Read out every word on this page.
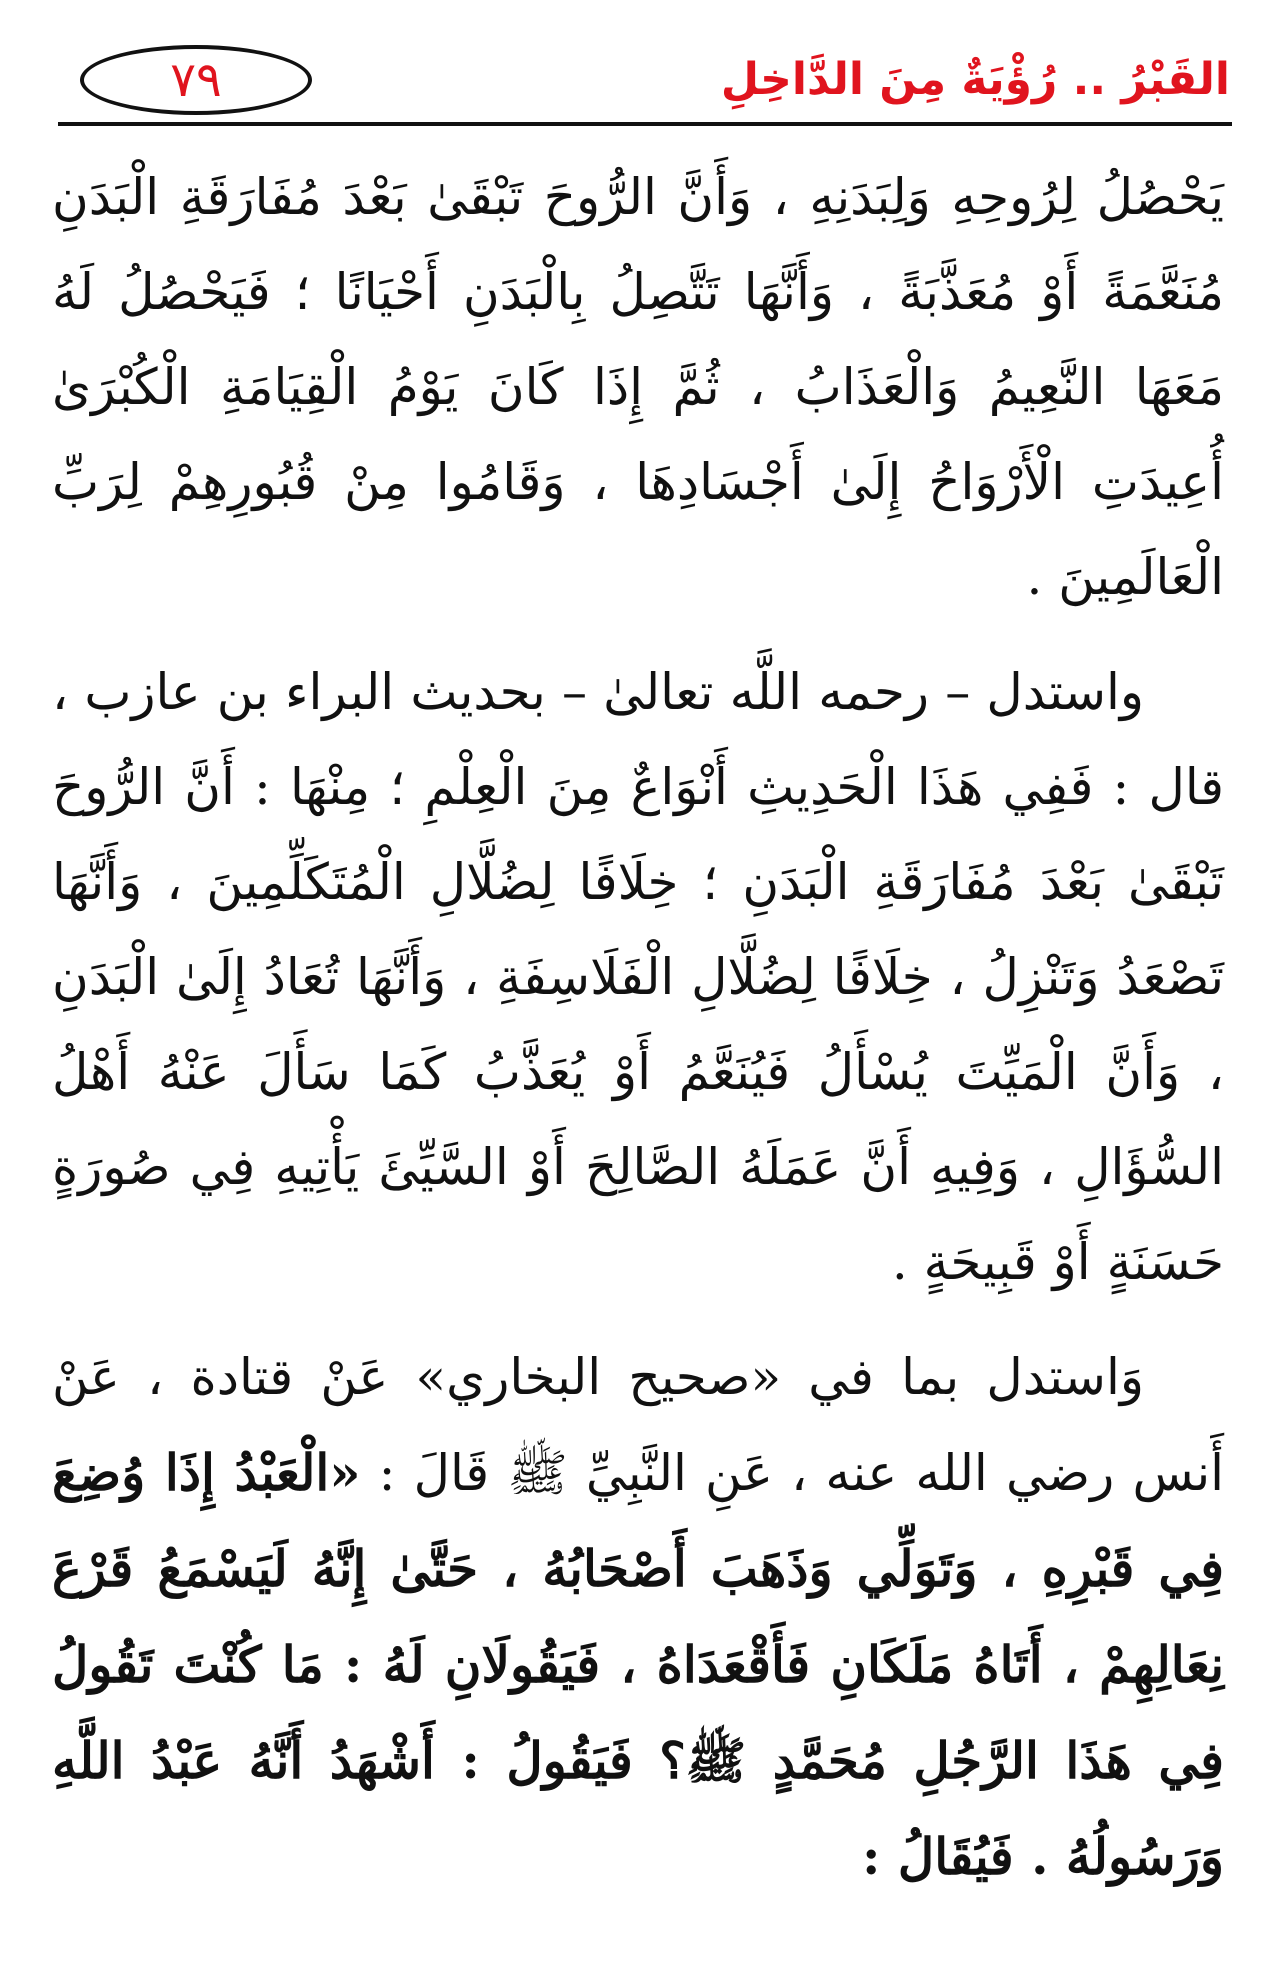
القَبْرُ .. رُؤْيَةٌ مِنَ الدَّاخِلِ
٧٩

يَحْصُلُ لِرُوحِهِ وَلِبَدَنِهِ ، وَأَنَّ الرُّوحَ تَبْقَىٰ بَعْدَ مُفَارَقَةِ الْبَدَنِ مُنَعَّمَةً أَوْ مُعَذَّبَةً ، وَأَنَّهَا تَتَّصِلُ بِالْبَدَنِ أَحْيَانًا ؛ فَيَحْصُلُ لَهُ مَعَهَا النَّعِيمُ وَالْعَذَابُ ، ثُمَّ إِذَا كَانَ يَوْمُ الْقِيَامَةِ الْكُبْرَىٰ أُعِيدَتِ الْأَرْوَاحُ إِلَىٰ أَجْسَادِهَا ، وَقَامُوا مِنْ قُبُورِهِمْ لِرَبِّ الْعَالَمِينَ .

واستدل – رحمه اللَّه تعالىٰ – بحديث البراء بن عازب ، قال : فَفِي هَذَا الْحَدِيثِ أَنْوَاعٌ مِنَ الْعِلْمِ ؛ مِنْهَا : أَنَّ الرُّوحَ تَبْقَىٰ بَعْدَ مُفَارَقَةِ الْبَدَنِ ؛ خِلَافًا لِضُلَّالِ الْمُتَكَلِّمِينَ ، وَأَنَّهَا تَصْعَدُ وَتَنْزِلُ ، خِلَافًا لِضُلَّالِ الْفَلَاسِفَةِ ، وَأَنَّهَا تُعَادُ إِلَىٰ الْبَدَنِ ، وَأَنَّ الْمَيِّتَ يُسْأَلُ فَيُنَعَّمُ أَوْ يُعَذَّبُ كَمَا سَأَلَ عَنْهُ أَهْلُ السُّؤَالِ ، وَفِيهِ أَنَّ عَمَلَهُ الصَّالِحَ أَوْ السَّيِّئَ يَأْتِيهِ فِي صُورَةٍ حَسَنَةٍ أَوْ قَبِيحَةٍ .

وَاستدل بما في «صحيح البخاري» عَنْ قتادة ، عَنْ أَنس رضي الله عنه ، عَنِ النَّبِيِّ ﷺ قَالَ : «الْعَبْدُ إِذَا وُضِعَ فِي قَبْرِهِ ، وَتَوَلِّي وَذَهَبَ أَصْحَابُهُ ، حَتَّىٰ إِنَّهُ لَيَسْمَعُ قَرْعَ نِعَالِهِمْ ، أَتَاهُ مَلَكَانِ فَأَقْعَدَاهُ ، فَيَقُولَانِ لَهُ : مَا كُنْتَ تَقُولُ فِي هَذَا الرَّجُلِ مُحَمَّدٍ ﷺ؟ فَيَقُولُ : أَشْهَدُ أَنَّهُ عَبْدُ اللَّهِ وَرَسُولُهُ . فَيُقَالُ :
